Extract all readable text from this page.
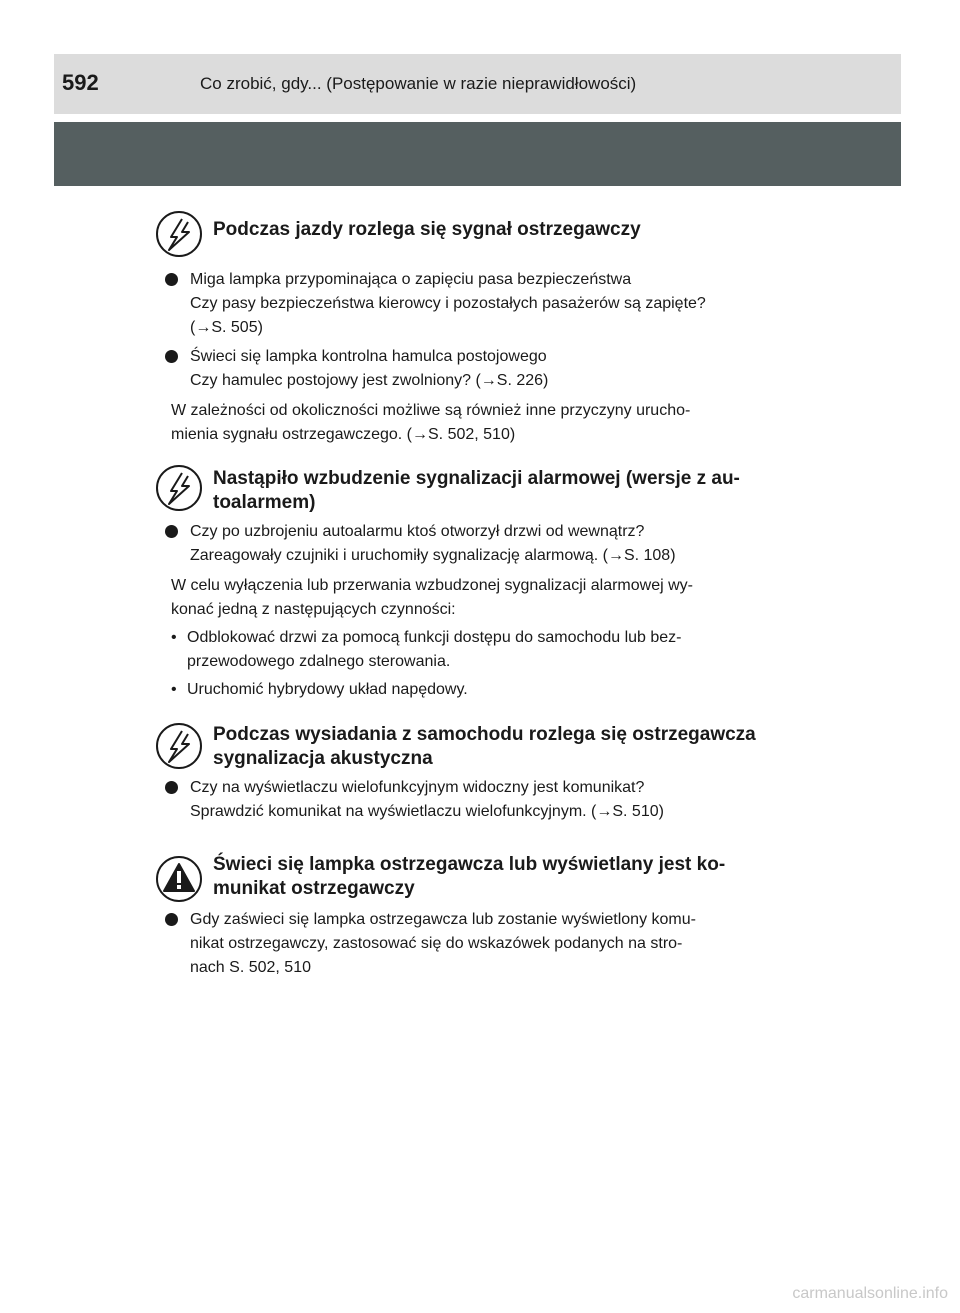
592	Co zrobić, gdy... (Postępowanie w razie nieprawidłowości)
Podczas jazdy rozlega się sygnał ostrzegawczy
Miga lampka przypominająca o zapięciu pasa bezpieczeństwa
Czy pasy bezpieczeństwa kierowcy i pozostałych pasażerów są zapięte?
(→S. 505)
Świeci się lampka kontrolna hamulca postojowego
Czy hamulec postojowy jest zwolniony? (→S. 226)
W zależności od okoliczności możliwe są również inne przyczyny urucho-
mienia sygnału ostrzegawczego. (→S. 502, 510)
Nastąpiło wzbudzenie sygnalizacji alarmowej (wersje z au-
toalarmem)
Czy po uzbrojeniu autoalarmu ktoś otworzył drzwi od wewnątrz?
Zareagowały czujniki i uruchomiły sygnalizację alarmową. (→S. 108)
W celu wyłączenia lub przerwania wzbudzonej sygnalizacji alarmowej wy-
konać jedną z następujących czynności:
• Odblokować drzwi za pomocą funkcji dostępu do samochodu lub bez-
przewodowego zdalnego sterowania.
• Uruchomić hybrydowy układ napędowy.
Podczas wysiadania z samochodu rozlega się ostrzegawcza
sygnalizacja akustyczna
Czy na wyświetlaczu wielofunkcyjnym widoczny jest komunikat?
Sprawdzić komunikat na wyświetlaczu wielofunkcyjnym. (→S. 510)
Świeci się lampka ostrzegawcza lub wyświetlany jest ko-
munikat ostrzegawczy
Gdy zaświeci się lampka ostrzegawcza lub zostanie wyświetlony komu-
nikat ostrzegawczy, zastosować się do wskazówek podanych na stro-
nach S. 502, 510
carmanualsonline.info
